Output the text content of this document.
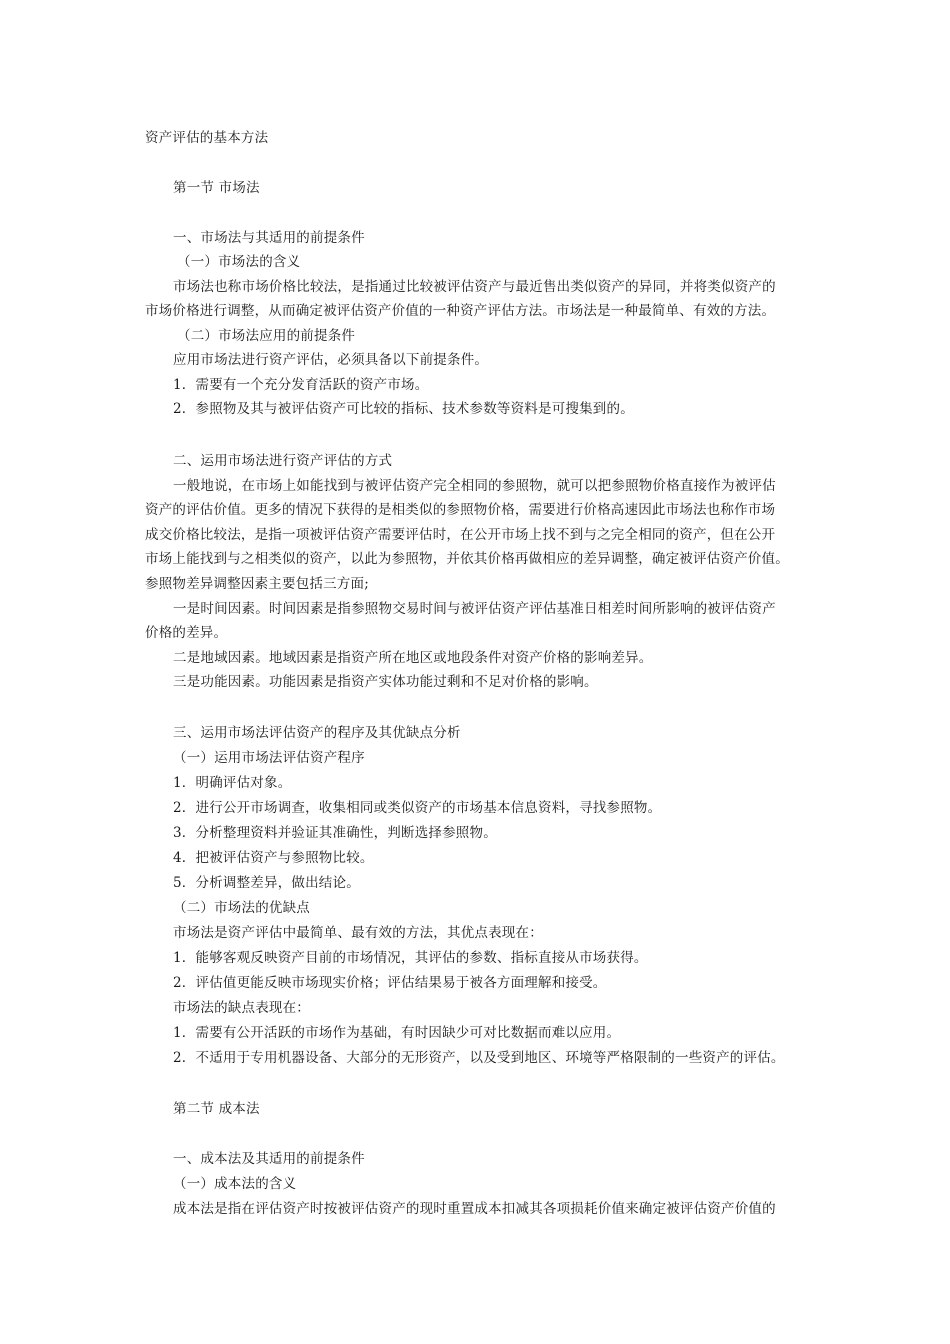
资产评估的基本方法
第一节 市场法
一、市场法与其适用的前提条件
（一）市场法的含义
市场法也称市场价格比较法，是指通过比较被评估资产与最近售出类似资产的异同，并将类似资产的
市场价格进行调整，从而确定被评估资产价值的一种资产评估方法。市场法是一种最简单、有效的方法。
（二）市场法应用的前提条件
应用市场法进行资产评估，必须具备以下前提条件。
1．需要有一个充分发育活跃的资产市场。
2．参照物及其与被评估资产可比较的指标、技术参数等资料是可搜集到的。
二、运用市场法进行资产评估的方式
一般地说，在市场上如能找到与被评估资产完全相同的参照物，就可以把参照物价格直接作为被评估
资产的评估价值。更多的情况下获得的是相类似的参照物价格，需要进行价格高速因此市场法也称作市场
成交价格比较法，是指一项被评估资产需要评估时，在公开市场上找不到与之完全相同的资产，但在公开
市场上能找到与之相类似的资产，以此为参照物，并依其价格再做相应的差异调整，确定被评估资产价值。
参照物差异调整因素主要包括三方面;
一是时间因素。时间因素是指参照物交易时间与被评估资产评估基准日相差时间所影响的被评估资产
价格的差异。
二是地域因素。地域因素是指资产所在地区或地段条件对资产价格的影响差异。
三是功能因素。功能因素是指资产实体功能过剩和不足对价格的影响。
三、运用市场法评估资产的程序及其优缺点分析
（一）运用市场法评估资产程序
1．明确评估对象。
2．进行公开市场调查，收集相同或类似资产的市场基本信息资料，寻找参照物。
3．分析整理资料并验证其准确性，判断选择参照物。
4．把被评估资产与参照物比较。
5．分析调整差异，做出结论。
（二）市场法的优缺点
市场法是资产评估中最简单、最有效的方法，其优点表现在：
1．能够客观反映资产目前的市场情况，其评估的参数、指标直接从市场获得。
2．评估值更能反映市场现实价格；评估结果易于被各方面理解和接受。
市场法的缺点表现在：
1．需要有公开活跃的市场作为基础，有时因缺少可对比数据而难以应用。
2．不适用于专用机器设备、大部分的无形资产，以及受到地区、环境等严格限制的一些资产的评估。
第二节 成本法
一、成本法及其适用的前提条件
（一）成本法的含义
成本法是指在评估资产时按被评估资产的现时重置成本扣减其各项损耗价值来确定被评估资产价值的
